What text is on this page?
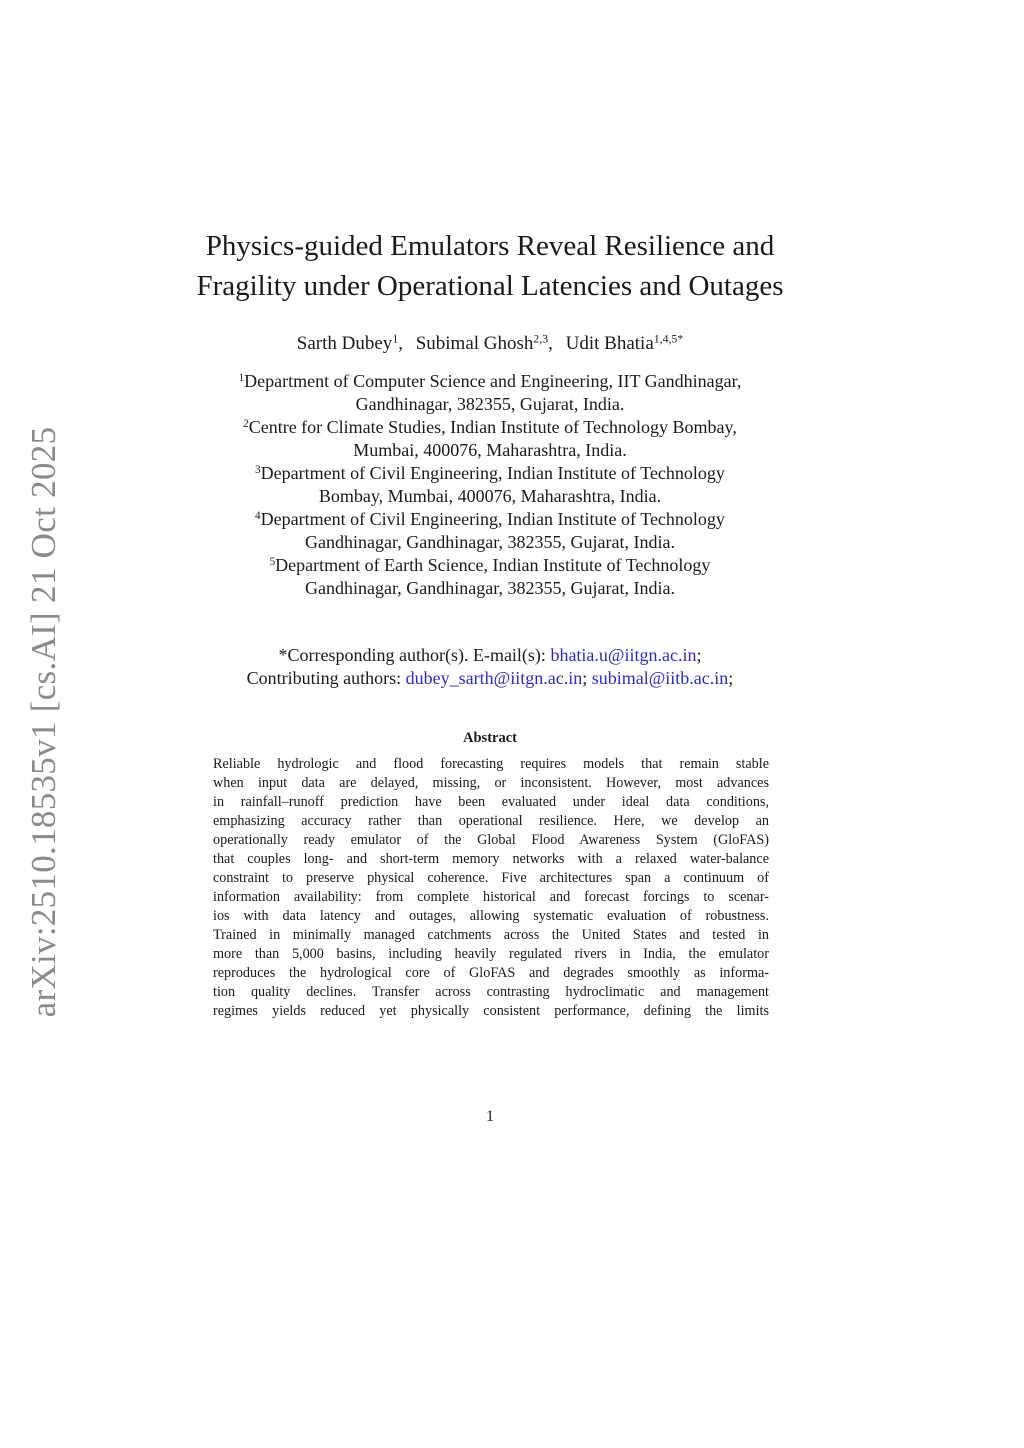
arXiv:2510.18535v1 [cs.AI] 21 Oct 2025
Physics-guided Emulators Reveal Resilience and
Fragility under Operational Latencies and Outages
Sarth Dubey$^1$, Subimal Ghosh$^{2,3}$, Udit Bhatia$^{1,4,5*}$
$^1$Department of Computer Science and Engineering, IIT Gandhinagar,
Gandhinagar, 382355, Gujarat, India.
$^2$Centre for Climate Studies, Indian Institute of Technology Bombay,
Mumbai, 400076, Maharashtra, India.
$^3$Department of Civil Engineering, Indian Institute of Technology
Bombay, Mumbai, 400076, Maharashtra, India.
$^4$Department of Civil Engineering, Indian Institute of Technology
Gandhinagar, Gandhinagar, 382355, Gujarat, India.
$^5$Department of Earth Science, Indian Institute of Technology
Gandhinagar, Gandhinagar, 382355, Gujarat, India.
*Corresponding author(s). E-mail(s): bhatia.u@iitgn.ac.in;
Contributing authors: dubey_sarth@iitgn.ac.in; subimal@iitb.ac.in;
Abstract
Reliable hydrologic and flood forecasting requires models that remain stable
when input data are delayed, missing, or inconsistent. However, most advances
in rainfall–runoff prediction have been evaluated under ideal data conditions,
emphasizing accuracy rather than operational resilience. Here, we develop an
operationally ready emulator of the Global Flood Awareness System (GloFAS)
that couples long- and short-term memory networks with a relaxed water-balance
constraint to preserve physical coherence. Five architectures span a continuum of
information availability: from complete historical and forecast forcings to scenar-
ios with data latency and outages, allowing systematic evaluation of robustness.
Trained in minimally managed catchments across the United States and tested in
more than 5,000 basins, including heavily regulated rivers in India, the emulator
reproduces the hydrological core of GloFAS and degrades smoothly as informa-
tion quality declines. Transfer across contrasting hydroclimatic and management
regimes yields reduced yet physically consistent performance, defining the limits
1
